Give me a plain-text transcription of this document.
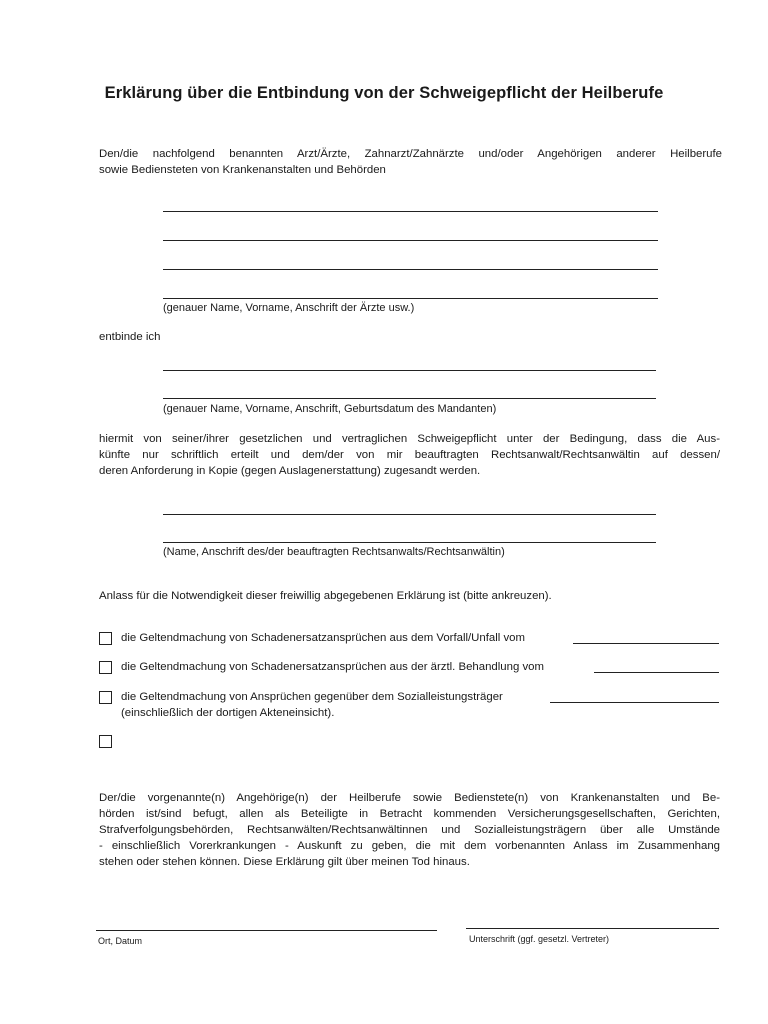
Erklärung über die Entbindung von der Schweigepflicht der Heilberufe
Den/die nachfolgend benannten Arzt/Ärzte, Zahnarzt/Zahnärzte und/oder Angehörigen anderer Heilberufe
sowie Bediensteten von Krankenanstalten und Behörden
(genauer Name, Vorname, Anschrift der Ärzte usw.)
entbinde ich
(genauer Name, Vorname, Anschrift, Geburtsdatum des Mandanten)
hiermit von seiner/ihrer gesetzlichen und vertraglichen Schweigepflicht unter der Bedingung, dass die Aus-
künfte nur schriftlich erteilt und dem/der von mir beauftragten Rechtsanwalt/Rechtsanwältin auf dessen/
deren Anforderung in Kopie (gegen Auslagenerstattung) zugesandt werden.
(Name, Anschrift des/der beauftragten Rechtsanwalts/Rechtsanwältin)
Anlass für die Notwendigkeit dieser freiwillig abgegebenen Erklärung ist (bitte ankreuzen).
die Geltendmachung von Schadenersatzansprüchen aus dem Vorfall/Unfall vom
die Geltendmachung von Schadenersatzansprüchen aus der ärztl. Behandlung vom
die Geltendmachung von Ansprüchen gegenüber dem Sozialleistungsträger
(einschließlich der dortigen Akteneinsicht).
Der/die vorgenannte(n) Angehörige(n) der Heilberufe sowie Bedienstete(n) von Krankenanstalten und Be-
hörden ist/sind befugt, allen als Beteiligte in Betracht kommenden Versicherungsgesellschaften, Gerichten,
Strafverfolgungsbehörden, Rechtsanwälten/Rechtsanwältinnen und Sozialleistungsträgern über alle Umstände
- einschließlich Vorerkrankungen - Auskunft zu geben, die mit dem vorbenannten Anlass im Zusammenhang
stehen oder stehen können. Diese Erklärung gilt über meinen Tod hinaus.
Ort, Datum	Unterschrift (ggf. gesetzl. Vertreter)
